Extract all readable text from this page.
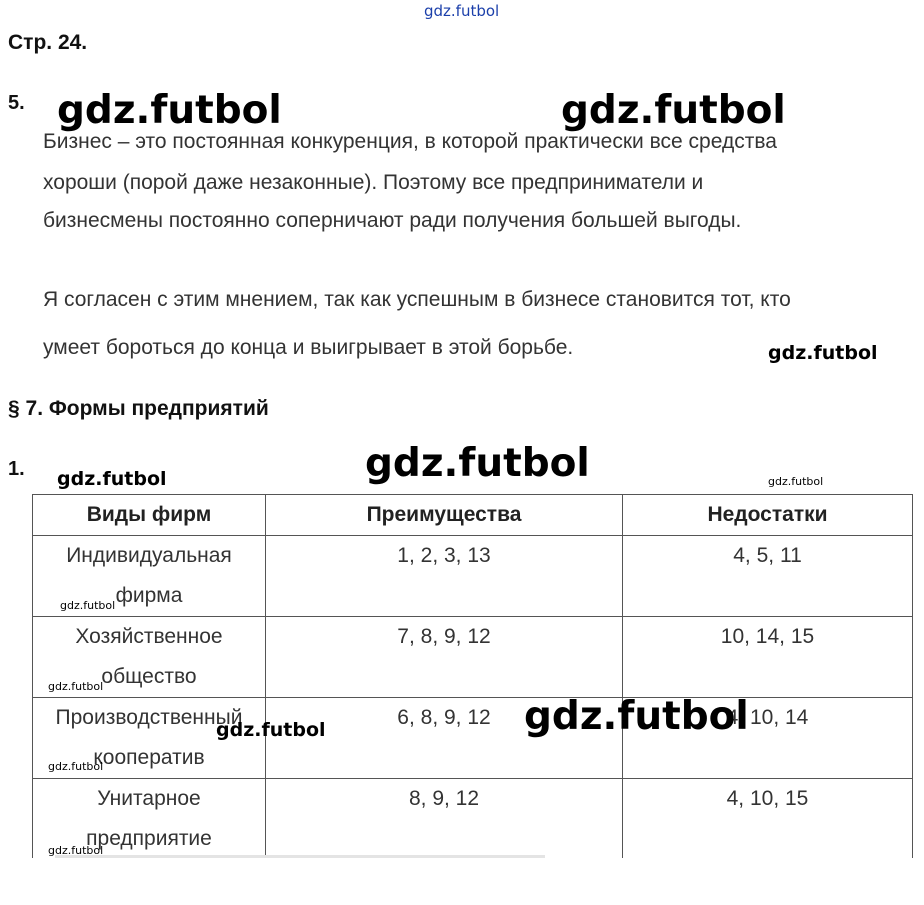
gdz.futbol
Стр. 24.
5.
Бизнес – это постоянная конкуренция, в которой практически все средства
хороши (порой даже незаконные). Поэтому все предприниматели и
бизнесмены постоянно соперничают ради получения большей выгоды.
Я согласен с этим мнением, так как успешным в бизнесе становится тот, кто
умеет бороться до конца и выигрывает в этой борьбе.
§ 7. Формы предприятий
1.
Виды фирм	Преимущества	Недостатки

Индивидуальная
фирма	1, 2, 3, 13	4, 5, 11

Хозяйственное
общество	7, 8, 9, 12	10, 14, 15

Производственный
кооператив	6, 8, 9, 12	4, 10, 14

Унитарное
предприятие	8, 9, 12	4, 10, 15
gdz.futbol	gdz.futbol
gdz.futbol
gdz.futbol
gdz.futbol	gdz.futbol
gdz.futbol
gdz.futbol
gdz.futbol
gdz.futbol
gdz.futbol
gdz.futbol
